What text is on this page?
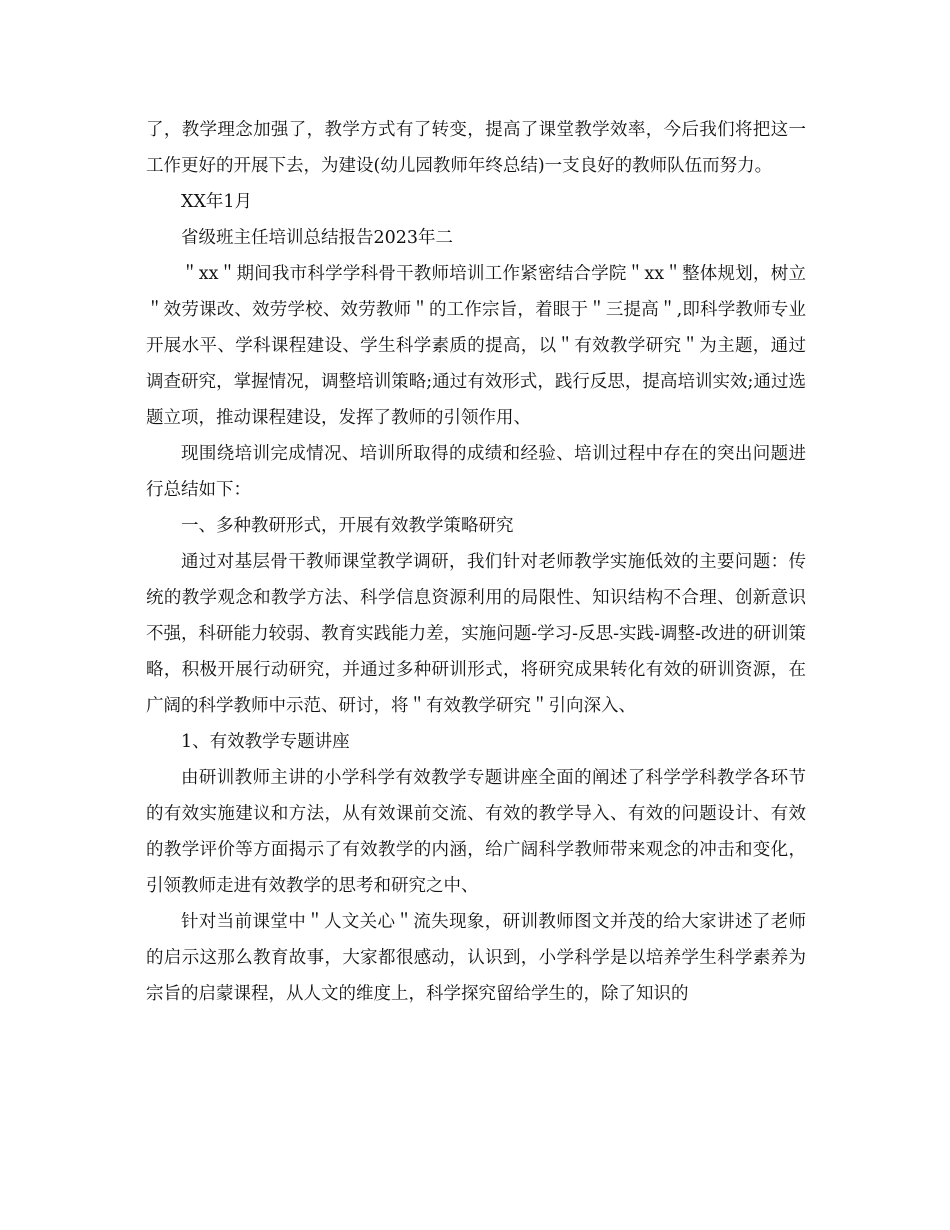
了，教学理念加强了，教学方式有了转变，提高了课堂教学效率，今后我们将把这一工作更好的开展下去，为建设(幼儿园教师年终总结)一支良好的教师队伍而努力。

XX年1月

省级班主任培训总结报告2023年二

＂xx＂期间我市科学学科骨干教师培训工作紧密结合学院＂xx＂整体规划，树立＂效劳课改、效劳学校、效劳教师＂的工作宗旨，着眼于＂三提高＂,即科学教师专业开展水平、学科课程建设、学生科学素质的提高，以＂有效教学研究＂为主题，通过调查研究，掌握情况，调整培训策略;通过有效形式，践行反思，提高培训实效;通过选题立项，推动课程建设，发挥了教师的引领作用、

现围绕培训完成情况、培训所取得的成绩和经验、培训过程中存在的突出问题进行总结如下：

一、多种教研形式，开展有效教学策略研究

通过对基层骨干教师课堂教学调研，我们针对老师教学实施低效的主要问题：传统的教学观念和教学方法、科学信息资源利用的局限性、知识结构不合理、创新意识不强，科研能力较弱、教育实践能力差，实施问题-学习-反思-实践-调整-改进的研训策略，积极开展行动研究，并通过多种研训形式，将研究成果转化有效的研训资源，在广阔的科学教师中示范、研讨，将＂有效教学研究＂引向深入、

1、有效教学专题讲座

由研训教师主讲的小学科学有效教学专题讲座全面的阐述了科学学科教学各环节的有效实施建议和方法，从有效课前交流、有效的教学导入、有效的问题设计、有效的教学评价等方面揭示了有效教学的内涵，给广阔科学教师带来观念的冲击和变化，引领教师走进有效教学的思考和研究之中、

针对当前课堂中＂人文关心＂流失现象，研训教师图文并茂的给大家讲述了老师的启示这那么教育故事，大家都很感动，认识到，小学科学是以培养学生科学素养为宗旨的启蒙课程，从人文的维度上，科学探究留给学生的，除了知识的
